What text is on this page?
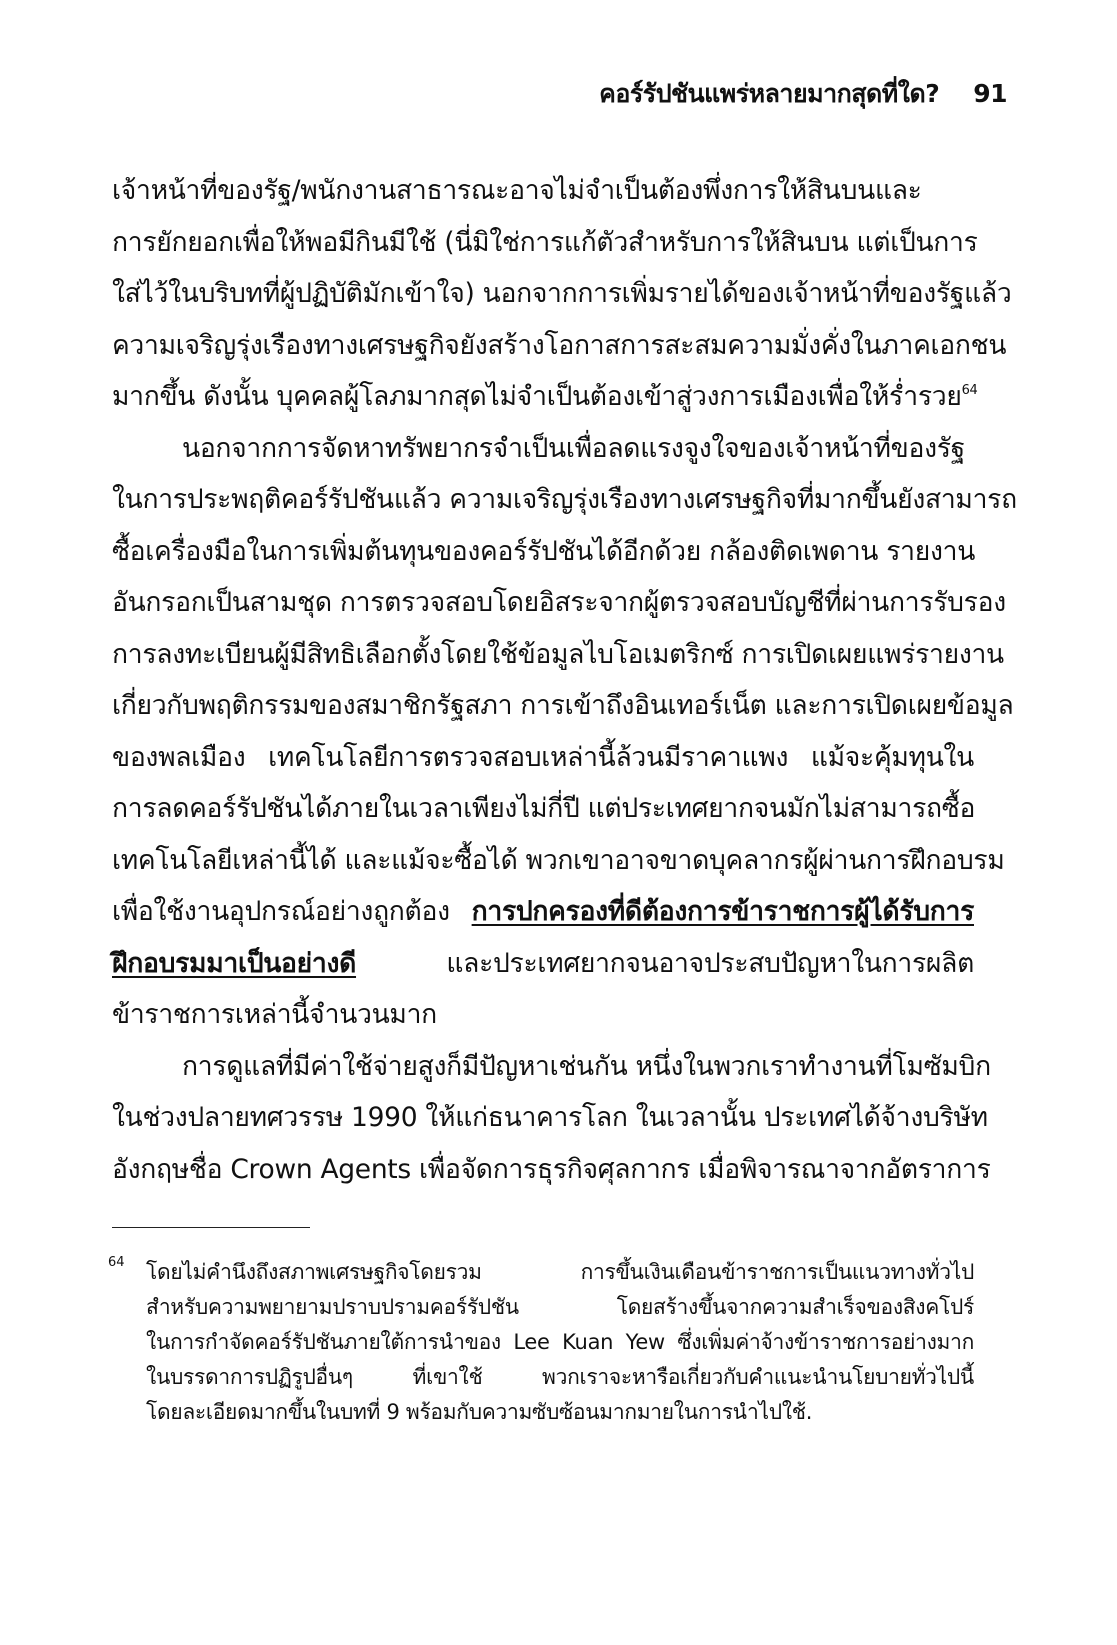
คอร์รัปชันแพร่หลายมากสุดที่ใด? 91
เจ้าหน้าที่ของรัฐ/พนักงานสาธารณะอาจไม่จำเป็นต้องพึ่งการให้สินบนและ
การยักยอกเพื่อให้พอมีกินมีใช้ (นี่มิใช่การแก้ตัวสำหรับการให้สินบน แต่เป็นการ
ใส่ไว้ในบริบทที่ผู้ปฏิบัติมักเข้าใจ) นอกจากการเพิ่มรายได้ของเจ้าหน้าที่ของรัฐแล้ว
ความเจริญรุ่งเรืองทางเศรษฐกิจยังสร้างโอกาสการสะสมความมั่งคั่งในภาคเอกชน
มากขึ้น ดังนั้น บุคคลผู้โลภมากสุดไม่จำเป็นต้องเข้าสู่วงการเมืองเพื่อให้ร่ำรวย$^{64}$
นอกจากการจัดหาทรัพยากรจำเป็นเพื่อลดแรงจูงใจของเจ้าหน้าที่ของรัฐ
ในการประพฤติคอร์รัปชันแล้ว ความเจริญรุ่งเรืองทางเศรษฐกิจที่มากขึ้นยังสามารถ
ซื้อเครื่องมือในการเพิ่มต้นทุนของคอร์รัปชันได้อีกด้วย กล้องติดเพดาน รายงาน
อันกรอกเป็นสามชุด การตรวจสอบโดยอิสระจากผู้ตรวจสอบบัญชีที่ผ่านการรับรอง
การลงทะเบียนผู้มีสิทธิเลือกตั้งโดยใช้ข้อมูลไบโอเมตริกซ์ การเปิดเผยแพร่รายงาน
เกี่ยวกับพฤติกรรมของสมาชิกรัฐสภา การเข้าถึงอินเทอร์เน็ต และการเปิดเผยข้อมูล
ของพลเมือง เทคโนโลยีการตรวจสอบเหล่านี้ล้วนมีราคาแพง แม้จะคุ้มทุนใน
การลดคอร์รัปชันได้ภายในเวลาเพียงไม่กี่ปี แต่ประเทศยากจนมักไม่สามารถซื้อ
เทคโนโลยีเหล่านี้ได้ และแม้จะซื้อได้ พวกเขาอาจขาดบุคลากรผู้ผ่านการฝึกอบรม
เพื่อใช้งานอุปกรณ์อย่างถูกต้อง การปกครองที่ดีต้องการข้าราชการผู้ได้รับการ
ฝึกอบรมมาเป็นอย่างดี	และประเทศยากจนอาจประสบปัญหาในการผลิต
ข้าราชการเหล่านี้จำนวนมาก
การดูแลที่มีค่าใช้จ่ายสูงก็มีปัญหาเช่นกัน หนึ่งในพวกเราทำงานที่โมซัมบิก
ในช่วงปลายทศวรรษ 1990 ให้แก่ธนาคารโลก ในเวลานั้น ประเทศได้จ้างบริษัท
อังกฤษชื่อ Crown Agents เพื่อจัดการธุรกิจศุลกากร เมื่อพิจารณาจากอัตราการ
64 โดยไม่คำนึงถึงสภาพเศรษฐกิจโดยรวม การขึ้นเงินเดือนข้าราชการเป็นแนวทางทั่วไป
สำหรับความพยายามปราบปรามคอร์รัปชัน โดยสร้างขึ้นจากความสำเร็จของสิงคโปร์
ในการกำจัดคอร์รัปชันภายใต้การนำของ Lee Kuan Yew ซึ่งเพิ่มค่าจ้างข้าราชการอย่างมาก
ในบรรดาการปฏิรูปอื่นๆ ที่เขาใช้ พวกเราจะหารือเกี่ยวกับคำแนะนำนโยบายทั่วไปนี้
โดยละเอียดมากขึ้นในบทที่ 9 พร้อมกับความซับซ้อนมากมายในการนำไปใช้.
